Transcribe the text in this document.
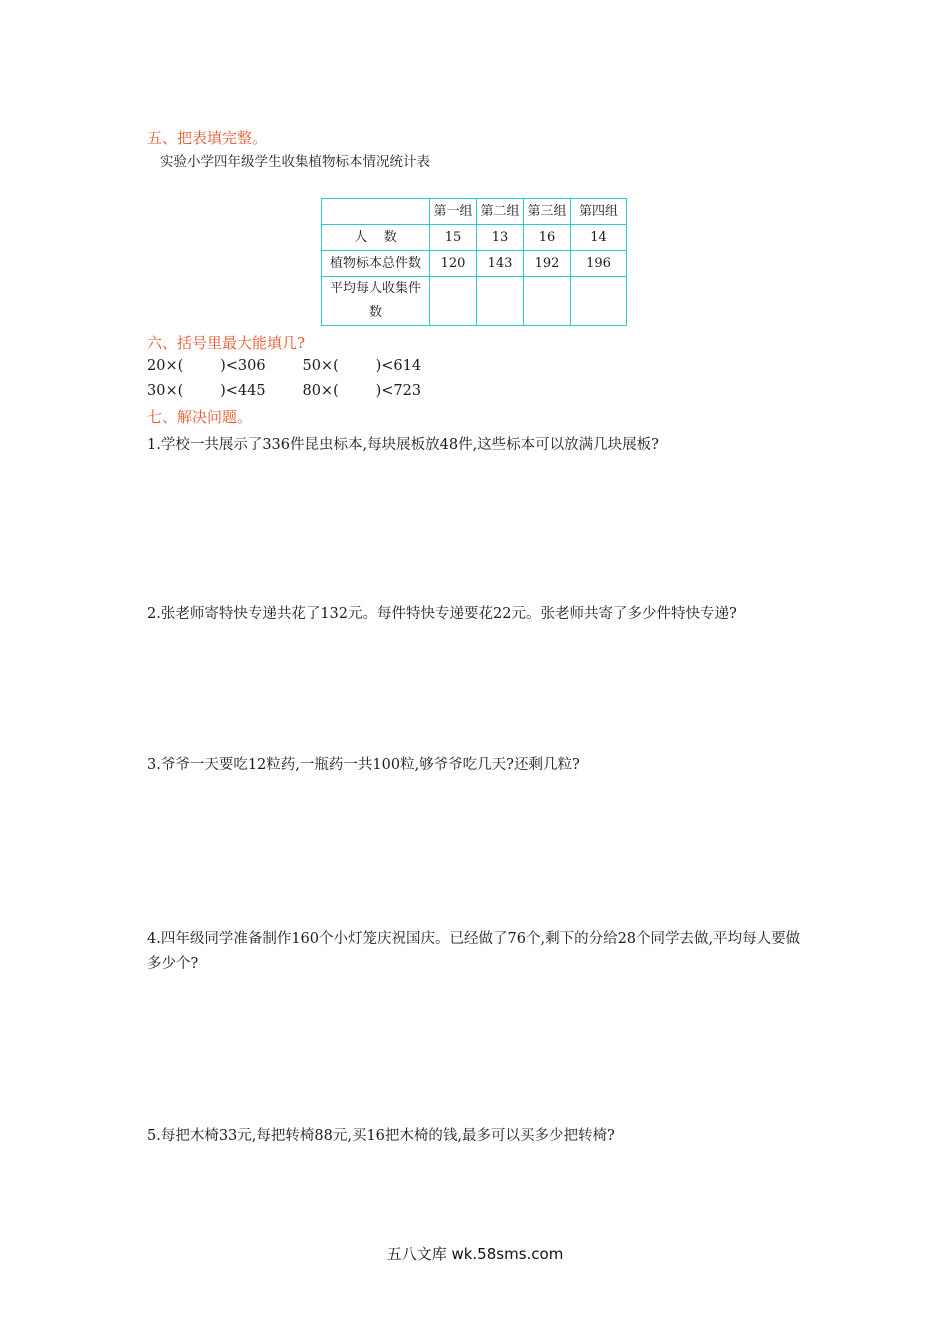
五、把表填完整。
实验小学四年级学生收集植物标本情况统计表
	第一组	第二组	第三组	第四组
人    数	15	13	16	14
植物标本总件数	120	143	192	196
平均每人收集件数				
六、括号里最大能填几?
20×(        )<306        50×(        )<614
30×(        )<445        80×(        )<723
七、解决问题。
1.学校一共展示了336件昆虫标本,每块展板放48件,这些标本可以放满几块展板?
2.张老师寄特快专递共花了132元。每件特快专递要花22元。张老师共寄了多少件特快专递?
3.爷爷一天要吃12粒药,一瓶药一共100粒,够爷爷吃几天?还剩几粒?
4.四年级同学准备制作160个小灯笼庆祝国庆。已经做了76个,剩下的分给28个同学去做,平均每人要做多少个?
5.每把木椅33元,每把转椅88元,买16把木椅的钱,最多可以买多少把转椅?
五八文库 wk.58sms.com
